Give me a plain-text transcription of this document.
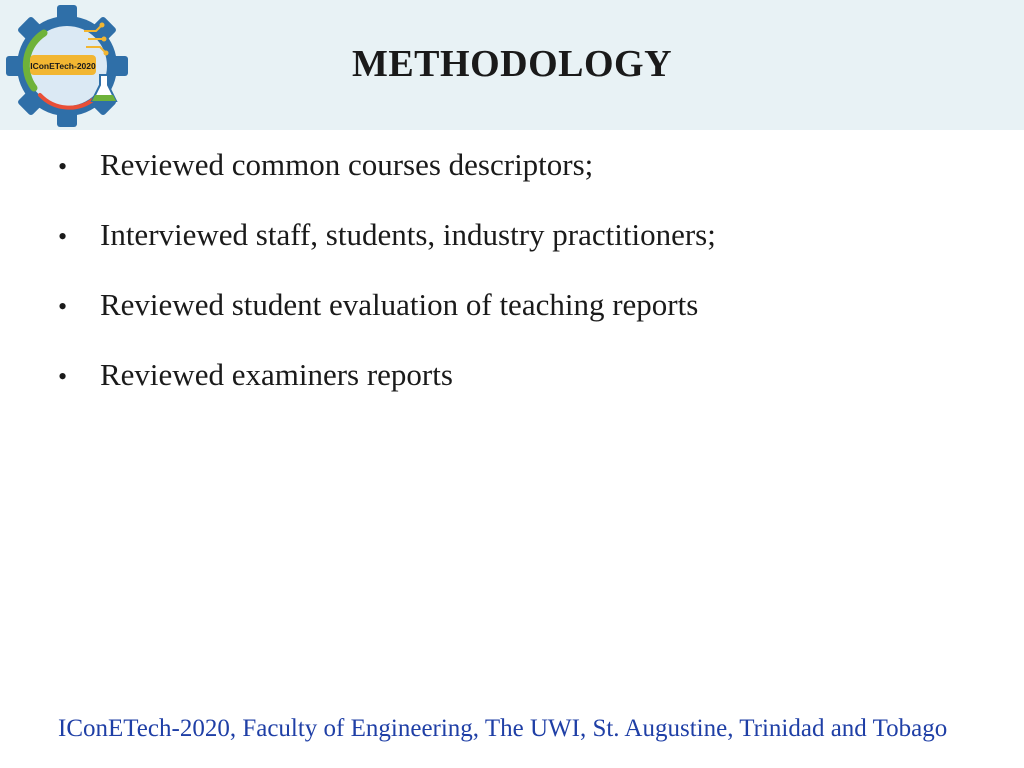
IConETech-2020	METHODOLOGY
•	Reviewed common courses descriptors;
•	Interviewed staff, students, industry practitioners;
•	Reviewed student evaluation of teaching reports
•	Reviewed examiners reports
IConETech-2020, Faculty of Engineering, The UWI, St. Augustine, Trinidad and Tobago
